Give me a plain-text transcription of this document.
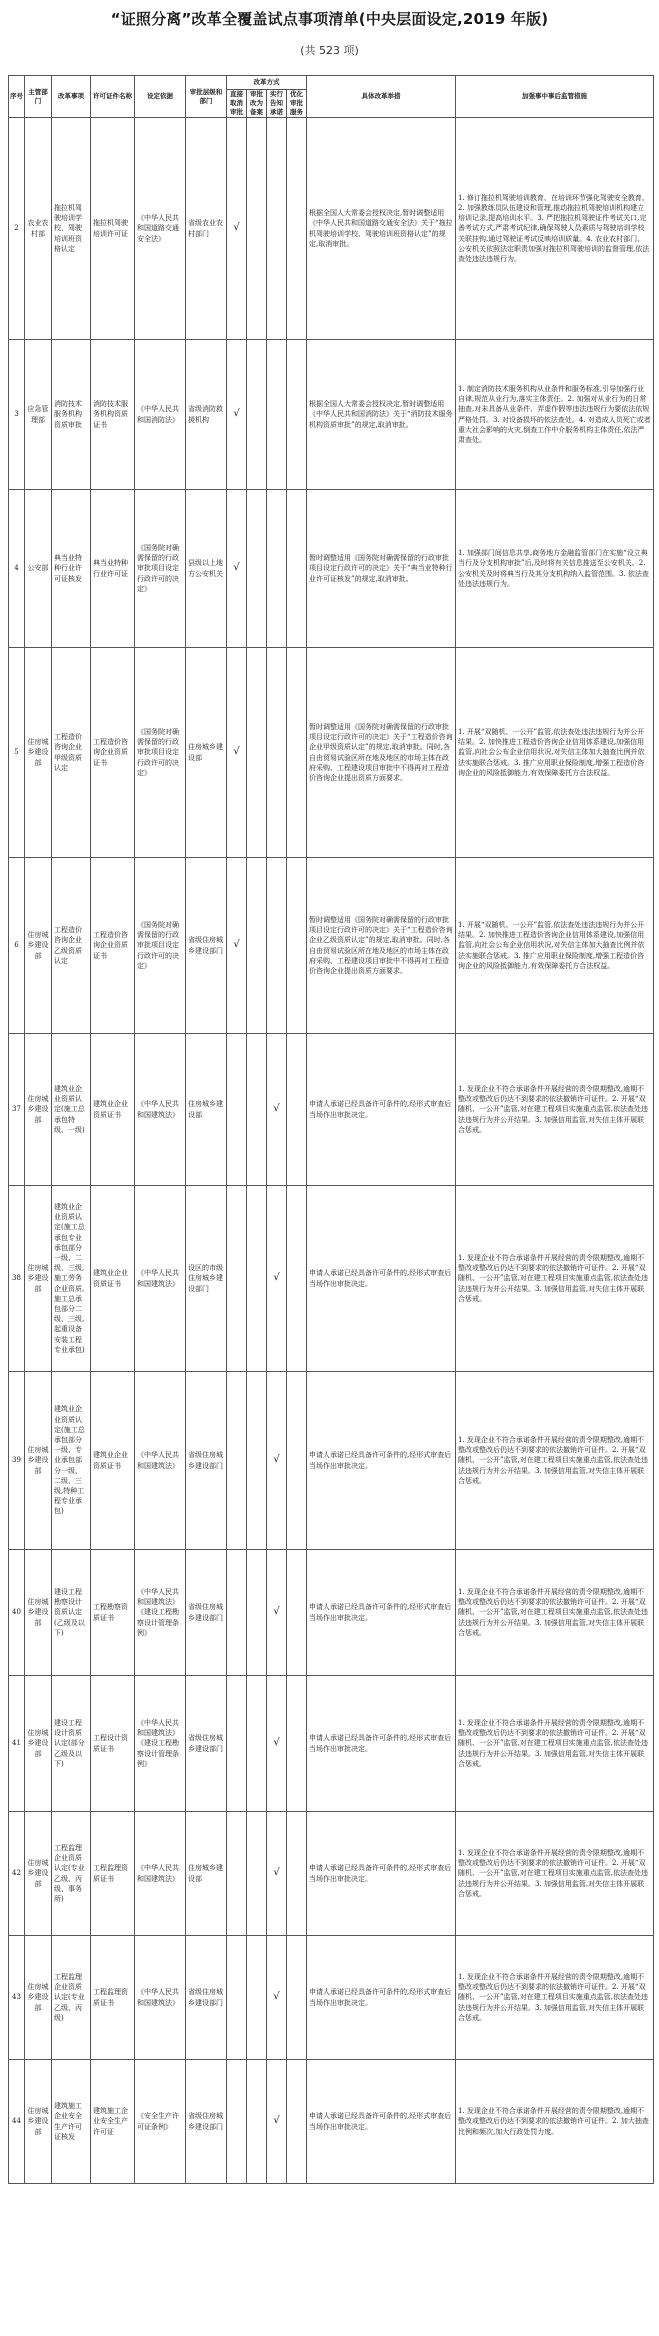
“证照分离”改革全覆盖试点事项清单(中央层面设定,2019 年版)
(共 523 项)
序号	主管部门	改革事项	许可证件名称	设定依据	审批层级和部门	改革方式				具体改革举措	加强事中事后监管措施
						直接取消审批	审批改为备案	实行告知承诺	优化审批服务		
2	农业农村部	拖拉机驾驶培训学校、驾驶培训班资格认定	拖拉机驾驶培训许可证	《中华人民共和国道路交通安全法》	省级农业农村部门	√				根据全国人大常委会授权决定,暂时调整适用《中华人民共和国道路交通安全法》关于“拖拉机驾驶培训学校、驾驶培训班资格认定”的规定,取消审批。	1. 修订拖拉机驾驶培训教育、在培训环节强化驾驶安全教育。2. 加强教练员队伍建设和管理,推动拖拉机驾驶培训机构建立培训记录,提高培训水平。3. 严把拖拉机驾驶证件考试关口,完善考试方式,严肃考试纪律,确保驾驶人员素质与驾驶培训学校关联挂钩,通过驾驶证考试反映培训质量。4. 农业农村部门、公安机关依照法定职责加强对拖拉机驾驶培训的监督管理,依法查处违法违规行为。
3	应急管理部	消防技术服务机构资质审批	消防技术服务机构资质证书	《中华人民共和国消防法》	省级消防救援机构	√				根据全国人大常委会授权决定,暂时调整适用《中华人民共和国消防法》关于“消防技术服务机构资质审批”的规定,取消审批。	1. 制定消防技术服务机构从业条件和服务标准,引导加强行业自律,规范从业行为,落实主体责任。2. 加强对从业行为的日常抽查,对未具备从业条件、弄虚作假等违法违规行为要依法依规严格处罚。3. 对设备损坏的依法查处。4. 对造成人员死亡或者重大社会影响的火灾,倒查工作中介服务机构主体责任,依法严肃查处。
4	公安部	典当业特种行业许可证核发	典当业特种行业许可证	《国务院对确需保留的行政审批项目设定行政许可的决定》	县级以上地方公安机关	√				暂时调整适用《国务院对确需保留的行政审批项目设定行政许可的决定》关于“典当业特种行业许可证核发”的规定,取消审批。	1. 加强部门间信息共享,商务地方金融监管部门在实施“设立典当行及分支机构审批”后,及时将有关信息推送至公安机关。2. 公安机关及时将典当行及其分支机构纳入监管范围。3. 依法查处违法违规行为。
5	住房城乡建设部	工程造价咨询企业甲级资质认定	工程造价咨询企业资质证书	《国务院对确需保留的行政审批项目设定行政许可的决定》	住房城乡建设部	√				暂时调整适用《国务院对确需保留的行政审批项目设定行政许可的决定》关于“工程造价咨询企业甲级资质认定”的规定,取消审批。同时,各自由贸易试验区所在地及地区的市场主体在政府采购、工程建设项目审批中不得再对工程造价咨询企业提出资质方面要求。	1. 开展“双随机、一公开”监管,依法查处违法违规行为并公开结果。2. 加快推进工程造价咨询企业信用体系建设,加强信用监管,向社会公布企业信用状况,对失信主体加大抽查比例并依法实施联合惩戒。3. 推广应用职业保险制度,增强工程造价咨询企业的风险抵御能力,有效保障委托方合法权益。
6	住房城乡建设部	工程造价咨询企业乙级资质认定	工程造价咨询企业资质证书	《国务院对确需保留的行政审批项目设定行政许可的决定》	省级住房城乡建设部门	√				暂时调整适用《国务院对确需保留的行政审批项目设定行政许可的决定》关于“工程造价咨询企业乙级资质认定”的规定,取消审批。同时,各自由贸易试验区所在地及地区的市场主体在政府采购、工程建设项目审批中不得再对工程造价咨询企业提出资质方面要求。	1. 开展“双随机、一公开”监管,依法查处违法违规行为并公开结果。2. 加快推进工程造价咨询企业信用体系建设,加强信用监管,向社会公布企业信用状况,对失信主体加大抽查比例并依法实施联合惩戒。3. 推广应用职业保险制度,增强工程造价咨询企业的风险抵御能力,有效保障委托方合法权益。
37	住房城乡建设部	建筑业企业资质认定(施工总承包特级、一级)	建筑业企业资质证书	《中华人民共和国建筑法》	住房城乡建设部			√		申请人承诺已经具备许可条件的,经形式审查后当场作出审批决定。	1. 发现企业不符合承诺条件开展经营的责令限期整改,逾期不整改或整改后仍达不到要求的依法撤销许可证件。2. 开展“双随机、一公开”监管,对在建工程项目实施重点监管,依法查处违法违规行为并公开结果。3. 加强信用监管,对失信主体开展联合惩戒。
38	住房城乡建设部	建筑业企业资质认定(施工总承包专业承包部分一级、二级、三级,施工劳务企业资质,施工总承包部分二级、三级,起重设备安装工程专业承包)	建筑业企业资质证书	《中华人民共和国建筑法》	设区的市级住房城乡建设部门			√		申请人承诺已经具备许可条件的,经形式审查后当场作出审批决定。	1. 发现企业不符合承诺条件开展经营的责令限期整改,逾期不整改或整改后仍达不到要求的依法撤销许可证件。2. 开展“双随机、一公开”监管,对在建工程项目实施重点监管,依法查处违法违规行为并公开结果。3. 加强信用监管,对失信主体开展联合惩戒。
39	住房城乡建设部	建筑业企业资质认定(施工总承包部分一级、专业承包部分一级、二级、三级,特种工程专业承包)	建筑业企业资质证书	《中华人民共和国建筑法》	省级住房城乡建设部门			√		申请人承诺已经具备许可条件的,经形式审查后当场作出审批决定。	1. 发现企业不符合承诺条件开展经营的责令限期整改,逾期不整改或整改后仍达不到要求的依法撤销许可证件。2. 开展“双随机、一公开”监管,对在建工程项目实施重点监管,依法查处违法违规行为并公开结果。3. 加强信用监管,对失信主体开展联合惩戒。
40	住房城乡建设部	建设工程勘察设计资质认定(乙级及以下)	工程勘察资质证书	《中华人民共和国建筑法》《建设工程勘察设计管理条例》	省级住房城乡建设部门			√		申请人承诺已经具备许可条件的,经形式审查后当场作出审批决定。	1. 发现企业不符合承诺条件开展经营的责令限期整改,逾期不整改或整改后仍达不到要求的依法撤销许可证件。2. 开展“双随机、一公开”监管,对在建工程项目实施重点监管,依法查处违法违规行为并公开结果。3. 加强信用监管,对失信主体开展联合惩戒。
41	住房城乡建设部	建设工程设计资质认定(部分乙级及以下)	工程设计资质证书	《中华人民共和国建筑法》《建设工程勘察设计管理条例》	省级住房城乡建设部门			√		申请人承诺已经具备许可条件的,经形式审查后当场作出审批决定。	1. 发现企业不符合承诺条件开展经营的责令限期整改,逾期不整改或整改后仍达不到要求的依法撤销许可证件。2. 开展“双随机、一公开”监管,对在建工程项目实施重点监管,依法查处违法违规行为并公开结果。3. 加强信用监管,对失信主体开展联合惩戒。
42	住房城乡建设部	工程监理企业资质认定(专业乙级、丙级、事务所)	工程监理资质证书	《中华人民共和国建筑法》	住房城乡建设部			√		申请人承诺已经具备许可条件的,经形式审查后当场作出审批决定。	1. 发现企业不符合承诺条件开展经营的责令限期整改,逾期不整改或整改后仍达不到要求的依法撤销许可证件。2. 开展“双随机、一公开”监管,对在建工程项目实施重点监管,依法查处违法违规行为并公开结果。3. 加强信用监管,对失信主体开展联合惩戒。
43	住房城乡建设部	工程监理企业资质认定(专业乙级、丙级)	工程监理资质证书	《中华人民共和国建筑法》	省级住房城乡建设部门			√		申请人承诺已经具备许可条件的,经形式审查后当场作出审批决定。	1. 发现企业不符合承诺条件开展经营的责令限期整改,逾期不整改或整改后仍达不到要求的依法撤销许可证件。2. 开展“双随机、一公开”监管,对在建工程项目实施重点监管,依法查处违法违规行为并公开结果。3. 加强信用监管,对失信主体开展联合惩戒。
44	住房城乡建设部	建筑施工企业安全生产许可证核发	建筑施工企业安全生产许可证	《安全生产许可证条例》	省级住房城乡建设部门			√		申请人承诺已经具备许可条件的,经形式审查后当场作出审批决定。	1. 发现企业不符合承诺条件开展经营的责令限期整改,逾期不整改或整改后仍达不到要求的依法撤销许可证件。2. 加大抽查比例和频次,加大行政处罚力度。
